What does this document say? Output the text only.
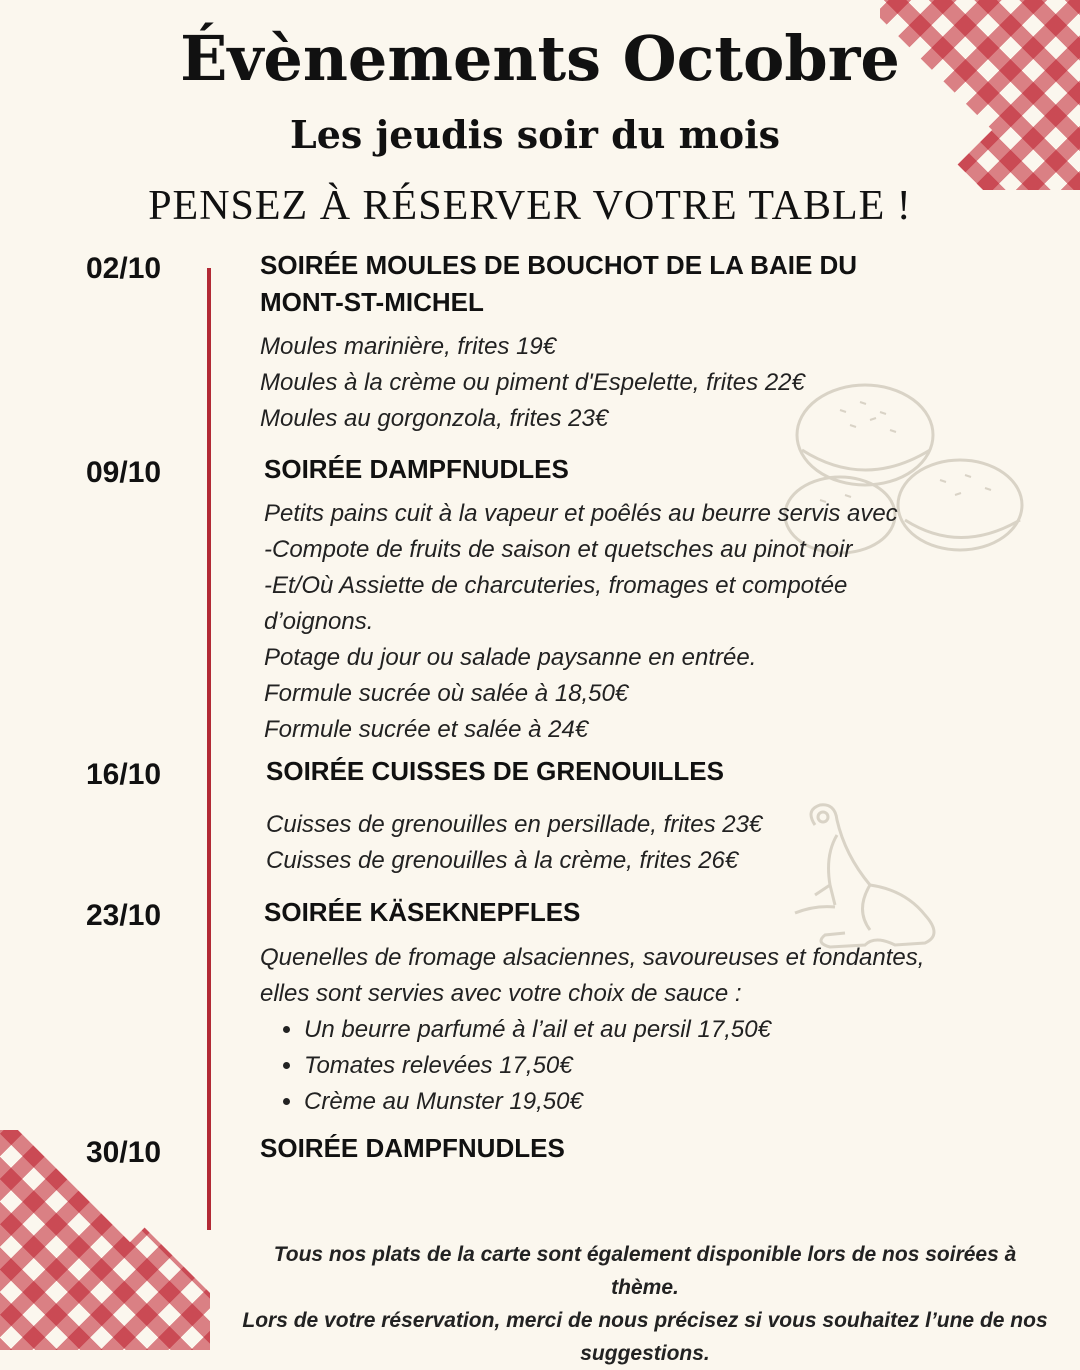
Évènements Octobre
Les jeudis soir du mois
PENSEZ À RÉSERVER VOTRE TABLE !
02/10	SOIRÉE MOULES DE BOUCHOT DE LA BAIE DU MONT-ST-MICHEL
Moules marinière, frites 19€
Moules à la crème ou piment d'Espelette, frites 22€
Moules au gorgonzola, frites 23€
09/10	SOIRÉE DAMPFNUDLES
Petits pains cuit à la vapeur et poêlés au beurre servis avec
-Compote de fruits de saison et quetsches au pinot noir
-Et/Où Assiette de charcuteries, fromages et compotée
d’oignons.
Potage du jour ou salade paysanne en entrée.
Formule sucrée où salée à 18,50€
Formule sucrée et salée à 24€
16/10	SOIRÉE CUISSES DE GRENOUILLES
Cuisses de grenouilles en persillade, frites 23€
Cuisses de grenouilles à la crème, frites 26€
23/10	SOIRÉE KÄSEKNEPFLES
Quenelles de fromage alsaciennes, savoureuses et fondantes,
elles sont servies avec votre choix de sauce :
• Un beurre parfumé à l’ail et au persil 17,50€
• Tomates relevées 17,50€
• Crème au Munster 19,50€
30/10	SOIRÉE DAMPFNUDLES
Tous nos plats de la carte sont également disponible lors de nos soirées à thème.
Lors de votre réservation, merci de nous précisez si vous souhaitez l’une de nos suggestions.
